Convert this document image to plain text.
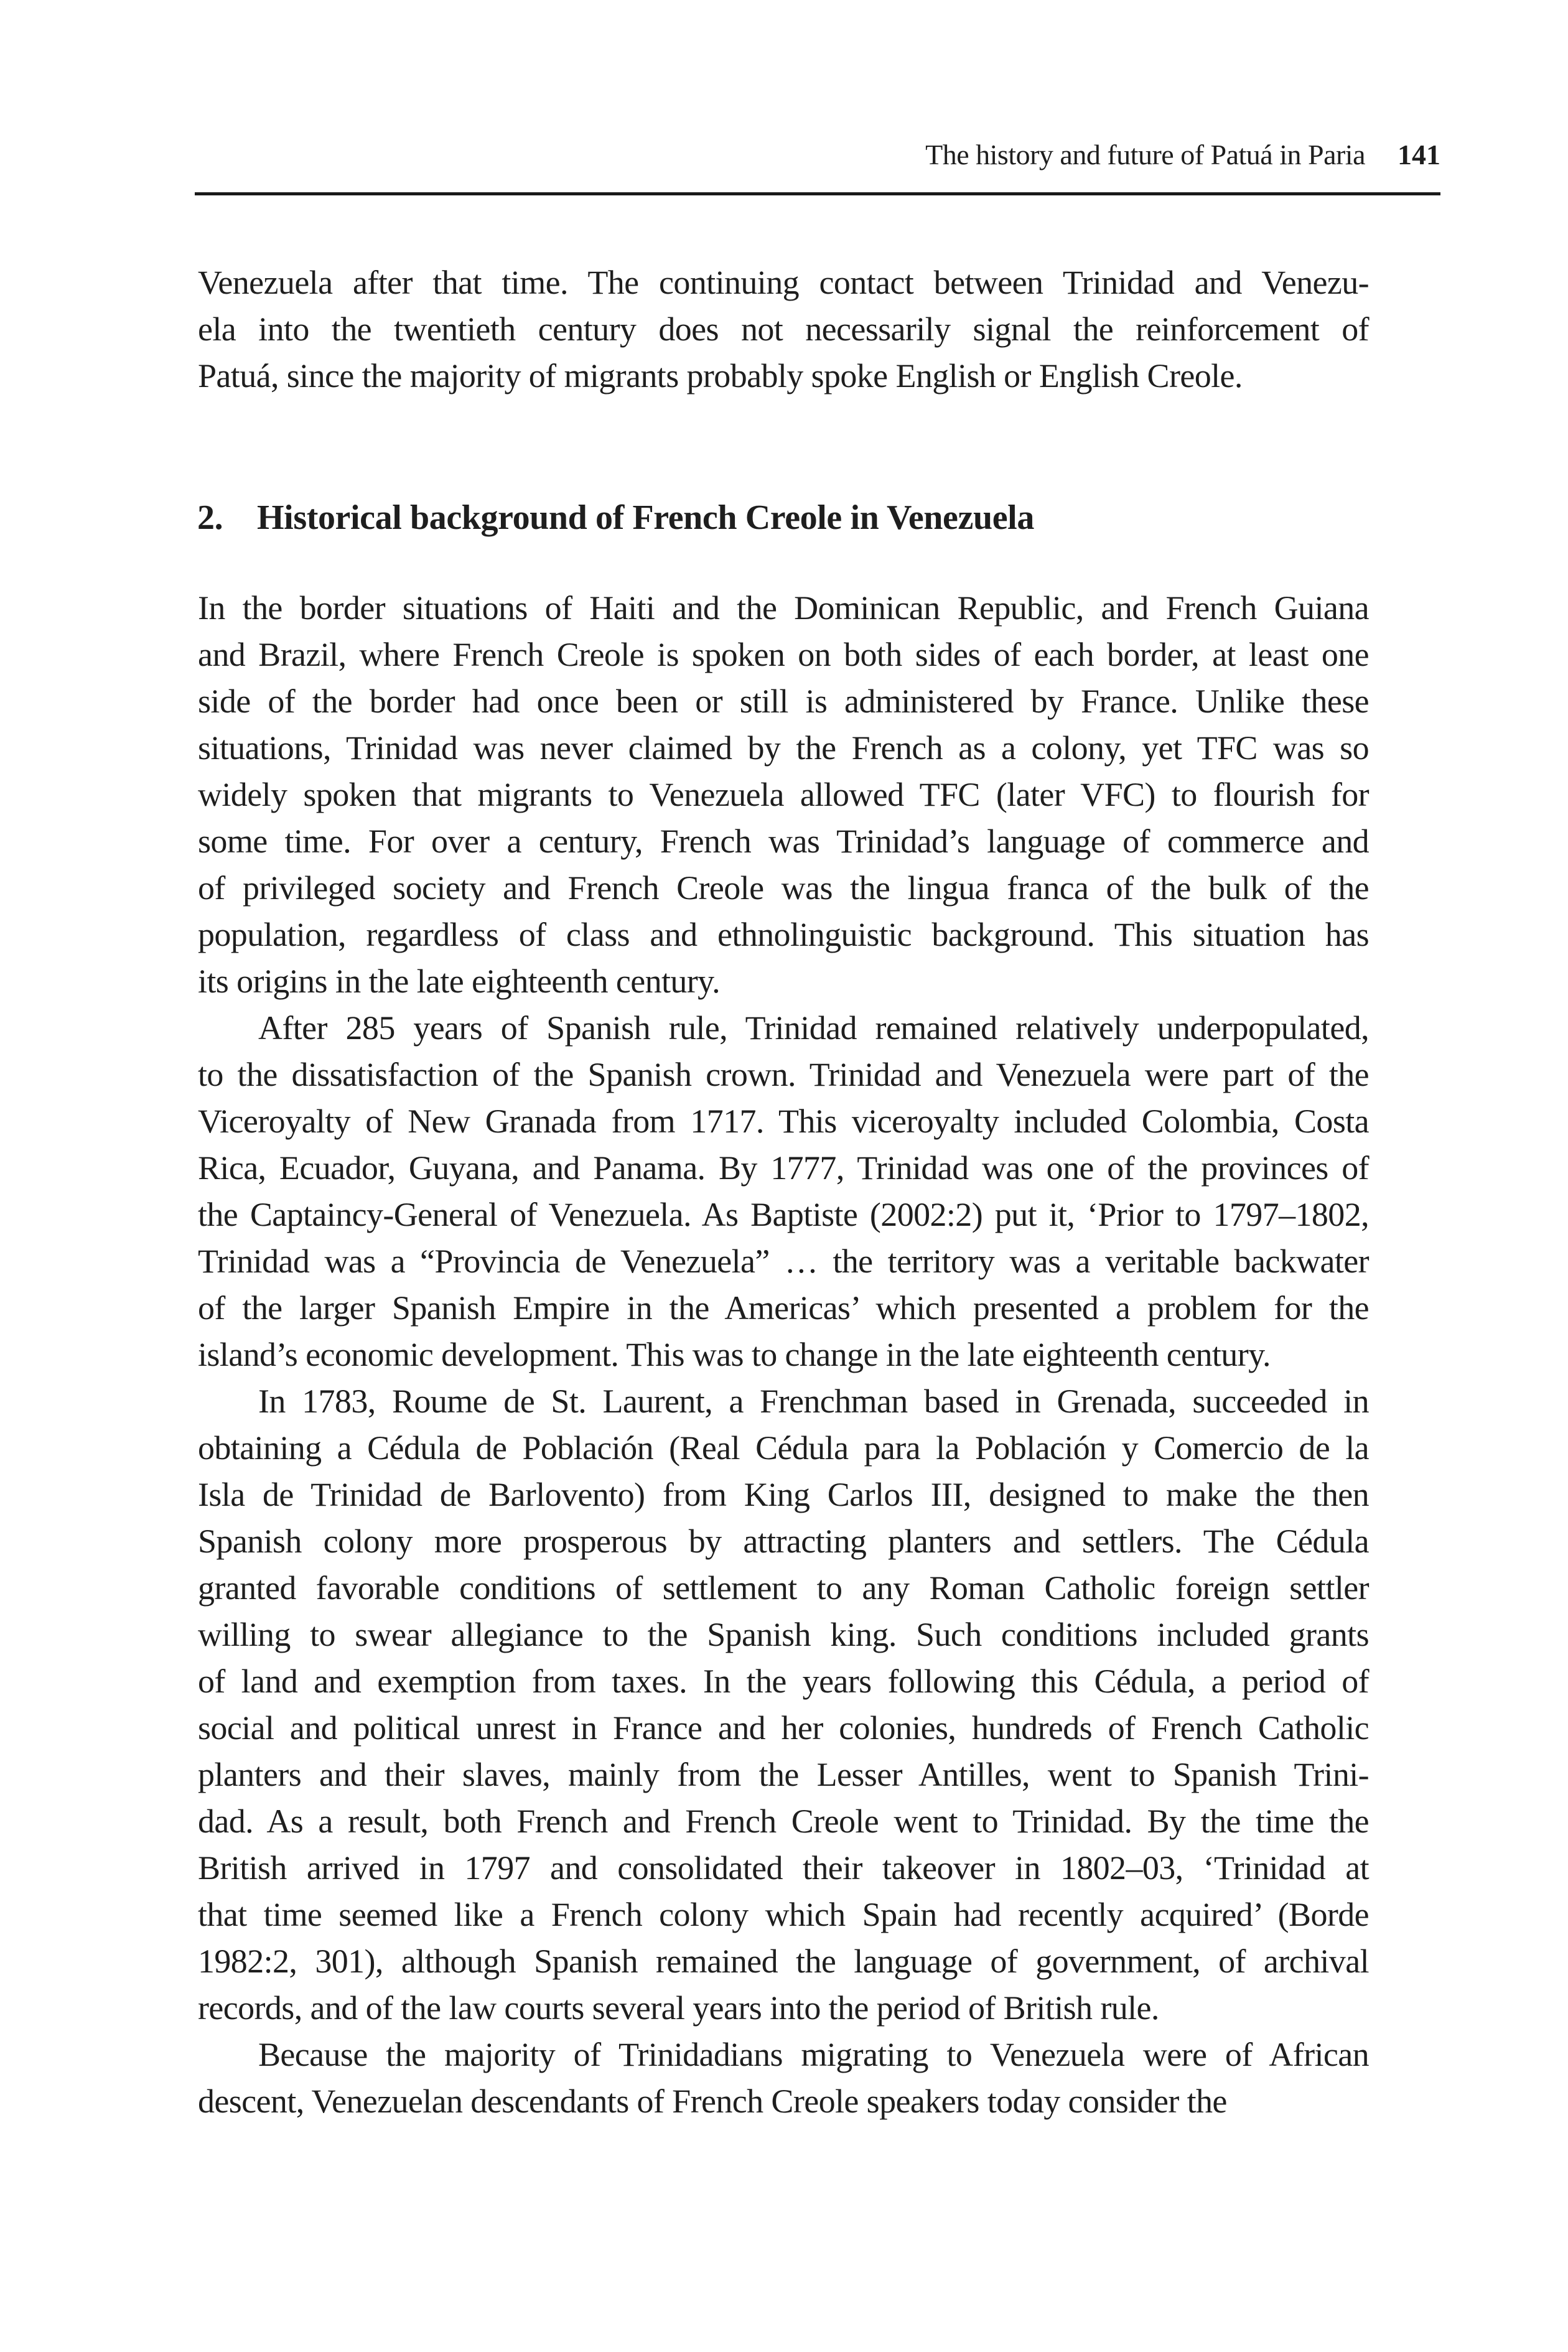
The history and future of Patuá in Paria 141
Venezuela after that time. The continuing contact between Trinidad and Venezu-
ela into the twentieth century does not necessarily signal the reinforcement of
Patuá, since the majority of migrants probably spoke English or English Creole.
2. Historical background of French Creole in Venezuela
In the border situations of Haiti and the Dominican Republic, and French Guiana
and Brazil, where French Creole is spoken on both sides of each border, at least one
side of the border had once been or still is administered by France. Unlike these
situations, Trinidad was never claimed by the French as a colony, yet TFC was so
widely spoken that migrants to Venezuela allowed TFC (later VFC) to flourish for
some time. For over a century, French was Trinidad’s language of commerce and
of privileged society and French Creole was the lingua franca of the bulk of the
population, regardless of class and ethnolinguistic background. This situation has
its origins in the late eighteenth century.
After 285 years of Spanish rule, Trinidad remained relatively underpopulated,
to the dissatisfaction of the Spanish crown. Trinidad and Venezuela were part of the
Viceroyalty of New Granada from 1717. This viceroyalty included Colombia, Costa
Rica, Ecuador, Guyana, and Panama. By 1777, Trinidad was one of the provinces of
the Captaincy-General of Venezuela. As Baptiste (2002:2) put it, ‘Prior to 1797–1802,
Trinidad was a “Provincia de Venezuela” … the territory was a veritable backwater
of the larger Spanish Empire in the Americas’ which presented a problem for the
island’s economic development. This was to change in the late eighteenth century.
In 1783, Roume de St. Laurent, a Frenchman based in Grenada, succeeded in
obtaining a Cédula de Población (Real Cédula para la Población y Comercio de la
Isla de Trinidad de Barlovento) from King Carlos III, designed to make the then
Spanish colony more prosperous by attracting planters and settlers. The Cédula
granted favorable conditions of settlement to any Roman Catholic foreign settler
willing to swear allegiance to the Spanish king. Such conditions included grants
of land and exemption from taxes. In the years following this Cédula, a period of
social and political unrest in France and her colonies, hundreds of French Catholic
planters and their slaves, mainly from the Lesser Antilles, went to Spanish Trini-
dad. As a result, both French and French Creole went to Trinidad. By the time the
British arrived in 1797 and consolidated their takeover in 1802–03, ‘Trinidad at
that time seemed like a French colony which Spain had recently acquired’ (Borde
1982:2, 301), although Spanish remained the language of government, of archival
records, and of the law courts several years into the period of British rule.
Because the majority of Trinidadians migrating to Venezuela were of African
descent, Venezuelan descendants of French Creole speakers today consider the
